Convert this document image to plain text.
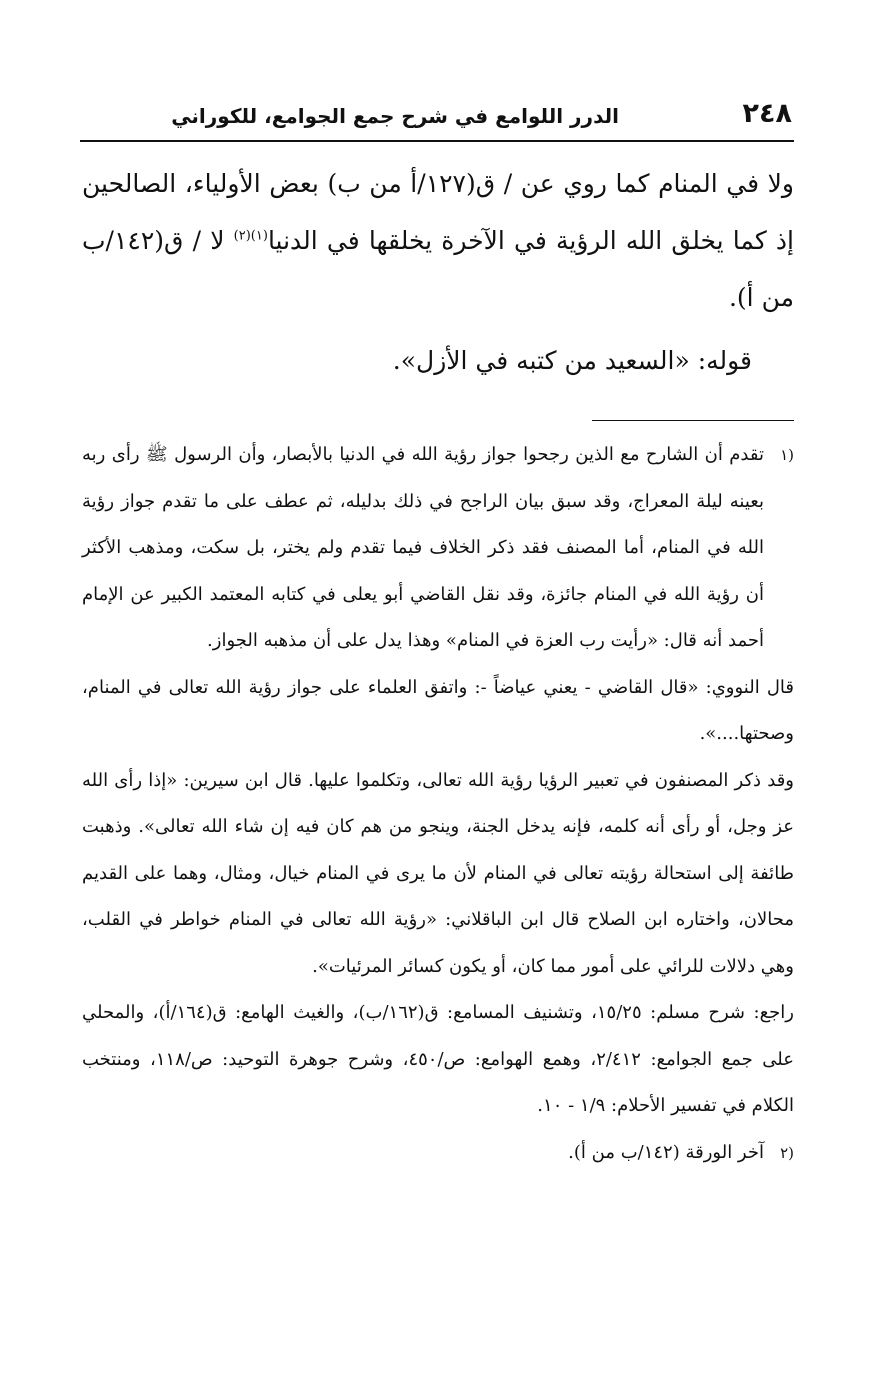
٢٤٨
الدرر اللوامع في شرح جمع الجوامع، للكوراني

ولا في المنام كما روي عن / ق(١٢٧/أ من ب) بعض الأولياء، الصالحين إذ كما يخلق الله الرؤية في الآخرة يخلقها في الدنيا$^{(١)(٢)}$ لا / ق(١٤٢/ب من أ).

قوله: «السعيد من كتبه في الأزل».

(١

تقدم أن الشارح مع الذين رجحوا جواز رؤية الله في الدنيا بالأبصار، وأن الرسول ﷺ رأى ربه بعينه ليلة المعراج، وقد سبق بيان الراجح في ذلك بدليله، ثم عطف على ما تقدم جواز رؤية الله في المنام، أما المصنف فقد ذكر الخلاف فيما تقدم ولم يختر، بل سكت، ومذهب الأكثر أن رؤية الله في المنام جائزة، وقد نقل القاضي أبو يعلى في كتابه المعتمد الكبير عن الإمام أحمد أنه قال: «رأيت رب العزة في المنام» وهذا يدل على أن مذهبه الجواز.

قال النووي: «قال القاضي - يعني عياضاً -: واتفق العلماء على جواز رؤية الله تعالى في المنام، وصحتها....».

وقد ذكر المصنفون في تعبير الرؤيا رؤية الله تعالى، وتكلموا عليها. قال ابن سيرين: «إذا رأى الله عز وجل، أو رأى أنه كلمه، فإنه يدخل الجنة، وينجو من هم كان فيه إن شاء الله تعالى». وذهبت طائفة إلى استحالة رؤيته تعالى في المنام لأن ما يرى في المنام خيال، ومثال، وهما على القديم محالان، واختاره ابن الصلاح قال ابن الباقلاني: «رؤية الله تعالى في المنام خواطر في القلب، وهي دلالات للرائي على أمور مما كان، أو يكون كسائر المرئيات».

راجع: شرح مسلم: ١٥/٢٥، وتشنيف المسامع: ق(١٦٢/ب)، والغيث الهامع: ق(١٦٤/أ)، والمحلي على جمع الجوامع: ٢/٤١٢، وهمع الهوامع: ص/٤٥٠، وشرح جوهرة التوحيد: ص/١١٨، ومنتخب الكلام في تفسير الأحلام: ١/٩ - ١٠.

(٢

آخر الورقة (١٤٢/ب من أ).
